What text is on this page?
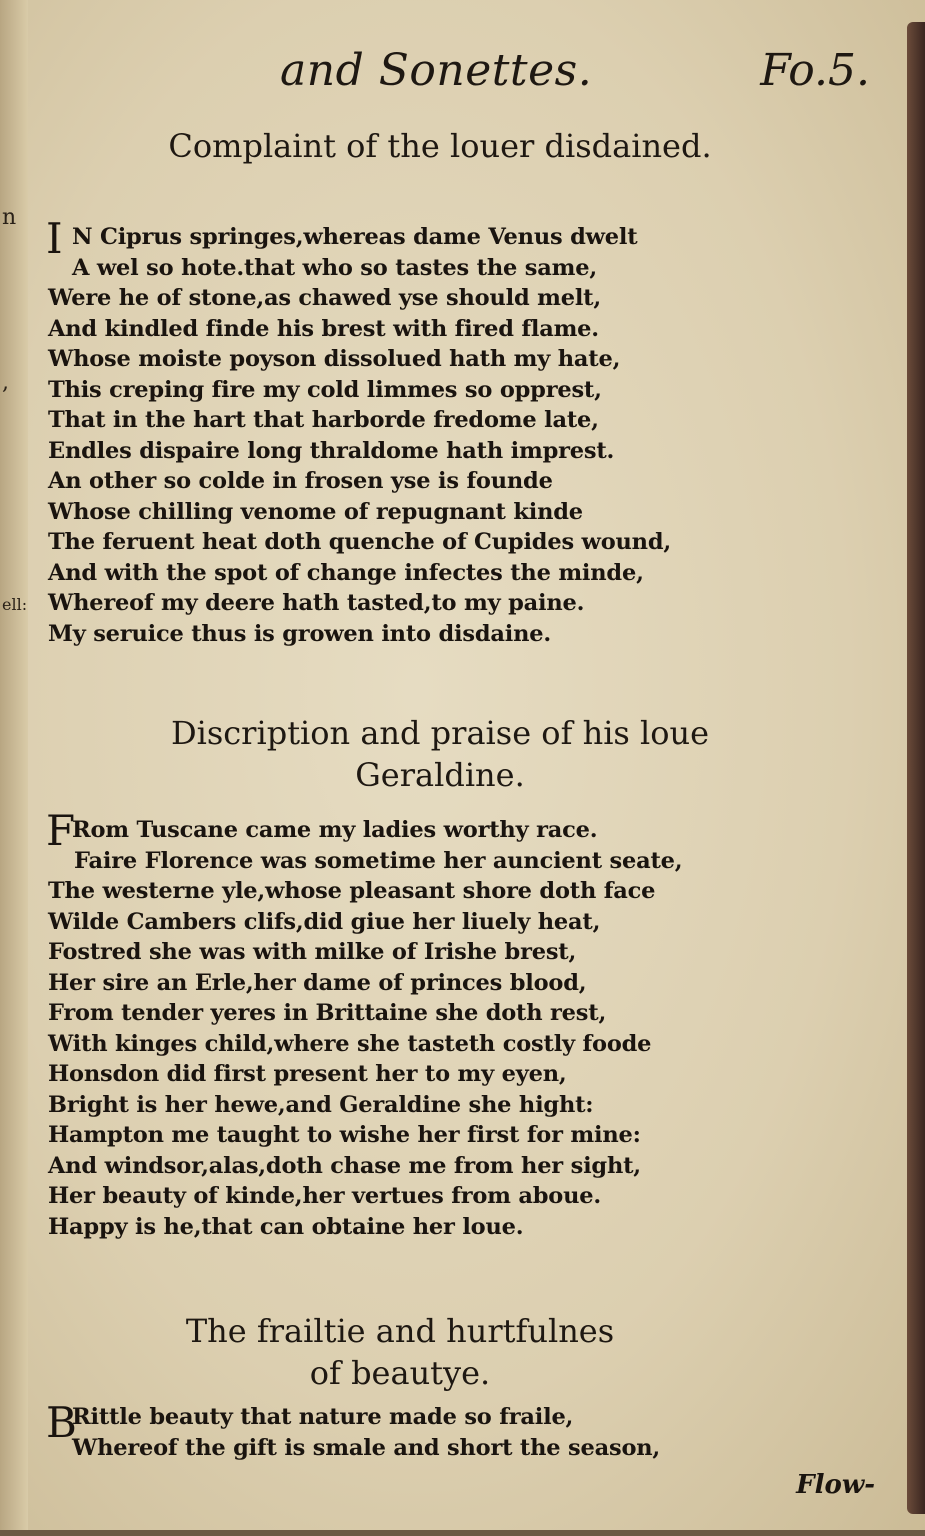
n
,
ell:
and Sonettes.	Fo.5.
Complaint of the louer disdained.
I N Ciprus springes,whereas dame Venus dwelt
A wel so hote.that who so tastes the same,
Were he of stone,as chawed yse should melt,
And kindled finde his brest with fired flame.
Whose moiste poyson dissolued hath my hate,
This creping fire my cold limmes so opprest,
That in the hart that harborde fredome late,
Endles dispaire long thraldome hath imprest.
An other so colde in frosen yse is founde
Whose chilling venome of repugnant kinde
The feruent heat doth quenche of Cupides wound,
And with the spot of change infectes the minde,
Whereof my deere hath tasted,to my paine.
My seruice thus is growen into disdaine.
Discription and praise of his loue
Geraldine.
F
Rom Tuscane came my ladies worthy race.
Faire Florence was sometime her auncient seate,
The westerne yle,whose pleasant shore doth face
Wilde Cambers clifs,did giue her liuely heat,
Fostred she was with milke of Irishe brest,
Her sire an Erle,her dame of princes blood,
From tender yeres in Brittaine she doth rest,
With kinges child,where she tasteth costly foode
Honsdon did first present her to my eyen,
Bright is her hewe,and Geraldine she hight:
Hampton me taught to wishe her first for mine:
And windsor,alas,doth chase me from her sight,
Her beauty of kinde,her vertues from aboue.
Happy is he,that can obtaine her loue.
The frailtie and hurtfulnes
of beautye.
B
Rittle beauty that nature made so fraile,
Whereof the gift is smale and short the season,
Flow-
